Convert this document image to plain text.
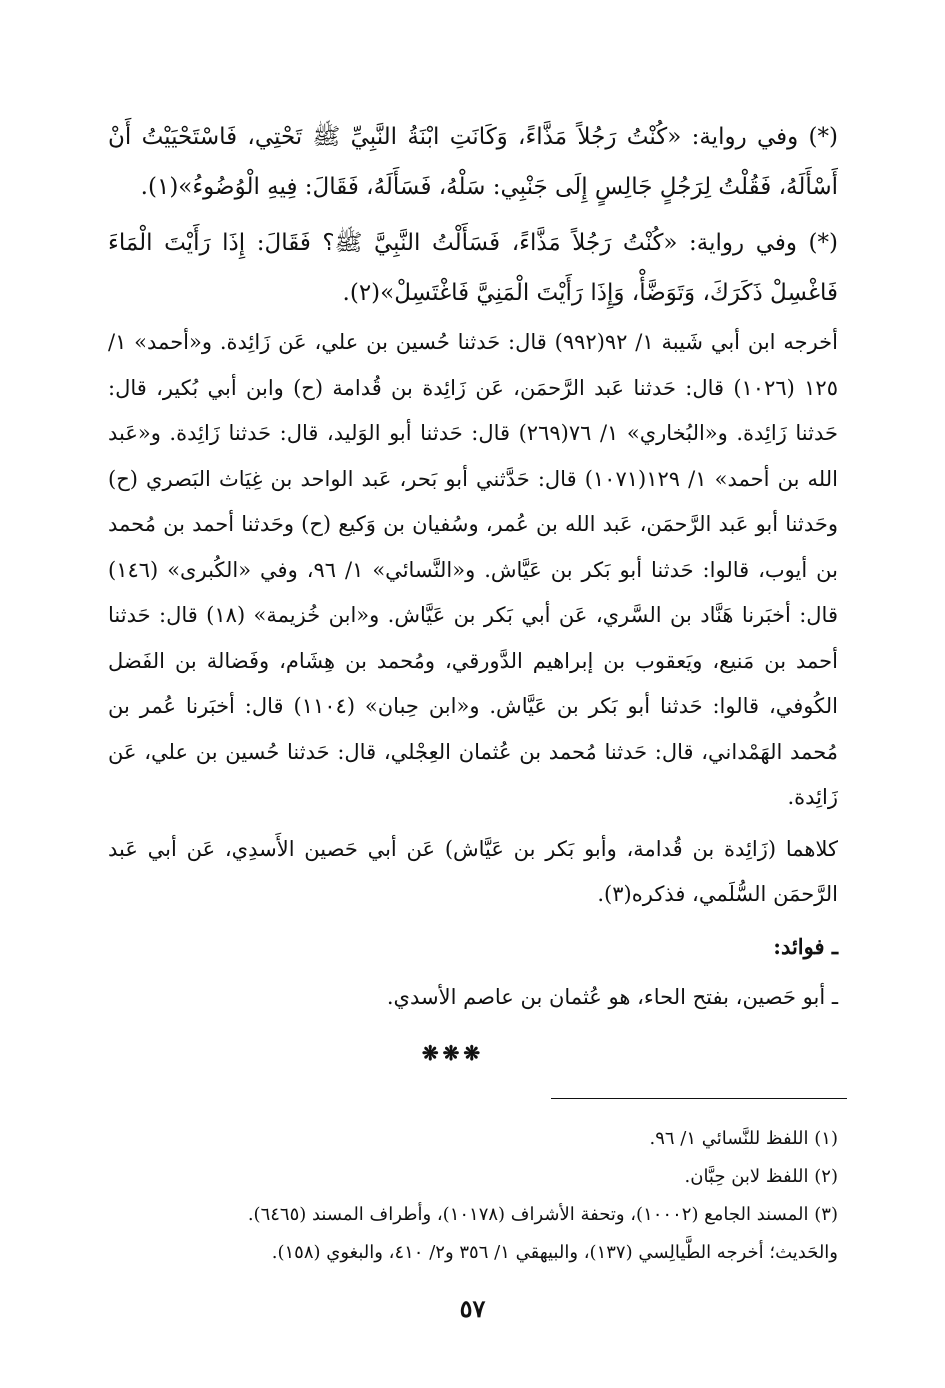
(*) وفي رواية: «كُنْتُ رَجُلاً مَذَّاءً، وَكَانَتِ ابْنَةُ النَّبِيِّ ﷺ تَحْتِي، فَاسْتَحْيَيْتُ أَنْ أَسْأَلَهُ، فَقُلْتُ لِرَجُلٍ جَالِسٍ إِلَى جَنْبِي: سَلْهُ، فَسَأَلَهُ، فَقَالَ: فِيهِ الْوُضُوءُ»(١).

(*) وفي رواية: «كُنْتُ رَجُلاً مَذَّاءً، فَسَأَلْتُ النَّبِيَّ ﷺ؟ فَقَالَ: إِذَا رَأَيْتَ الْمَاءَ فَاغْسِلْ ذَكَرَكَ، وَتَوَضَّأْ، وَإِذَا رَأَيْتَ الْمَنِيَّ فَاغْتَسِلْ»(٢).

أخرجه ابن أبي شَيبة ١/ ٩٢(٩٩٢) قال: حَدثنا حُسين بن علي، عَن زَائِدة. و«أحمد» ١/ ١٢٥ (١٠٢٦) قال: حَدثنا عَبد الرَّحمَن، عَن زَائِدة بن قُدامة (ح) وابن أبي بُكير، قال: حَدثنا زَائِدة. و«البُخاري» ١/ ٧٦(٢٦٩) قال: حَدثنا أبو الوَليد، قال: حَدثنا زَائِدة. و«عَبد الله بن أحمد» ١/ ١٢٩(١٠٧١) قال: حَدَّثني أبو بَحر، عَبد الواحد بن غِيَاث البَصري (ح) وحَدثنا أبو عَبد الرَّحمَن، عَبد الله بن عُمر، وسُفيان بن وَكيع (ح) وحَدثنا أحمد بن مُحمد بن أيوب، قالوا: حَدثنا أبو بَكر بن عَيَّاش. و«النَّسائي» ١/ ٩٦، وفي «الكُبرى» (١٤٦) قال: أخبَرنا هَنَّاد بن السَّري، عَن أبي بَكر بن عَيَّاش. و«ابن خُزيمة» (١٨) قال: حَدثنا أحمد بن مَنيع، ويَعقوب بن إبراهيم الدَّورقي، ومُحمد بن هِشَام، وفَضالة بن الفَضل الكُوفي، قالوا: حَدثنا أبو بَكر بن عَيَّاش. و«ابن حِبان» (١١٠٤) قال: أخبَرنا عُمر بن مُحمد الهَمْداني، قال: حَدثنا مُحمد بن عُثمان العِجْلي، قال: حَدثنا حُسين بن علي، عَن زَائِدة.

كلاهما (زَائِدة بن قُدامة، وأبو بَكر بن عَيَّاش) عَن أبي حَصين الأَسدِي، عَن أبي عَبد الرَّحمَن السُّلَمي، فذكره(٣).

ـ فوائد:

ـ أبو حَصين، بفتح الحاء، هو عُثمان بن عاصم الأسدي.

❋❋❋

(١) اللفظ للنَّسائي ١/ ٩٦.

(٢) اللفظ لابن حِبَّان.

(٣) المسند الجامع (١٠٠٠٢)، وتحفة الأشراف (١٠١٧٨)، وأطراف المسند (٦٤٦٥).

والحَديث؛ أخرجه الطَّيالِسي (١٣٧)، والبيهقي ١/ ٣٥٦ و٢/ ٤١٠، والبغوي (١٥٨).

٥٧
